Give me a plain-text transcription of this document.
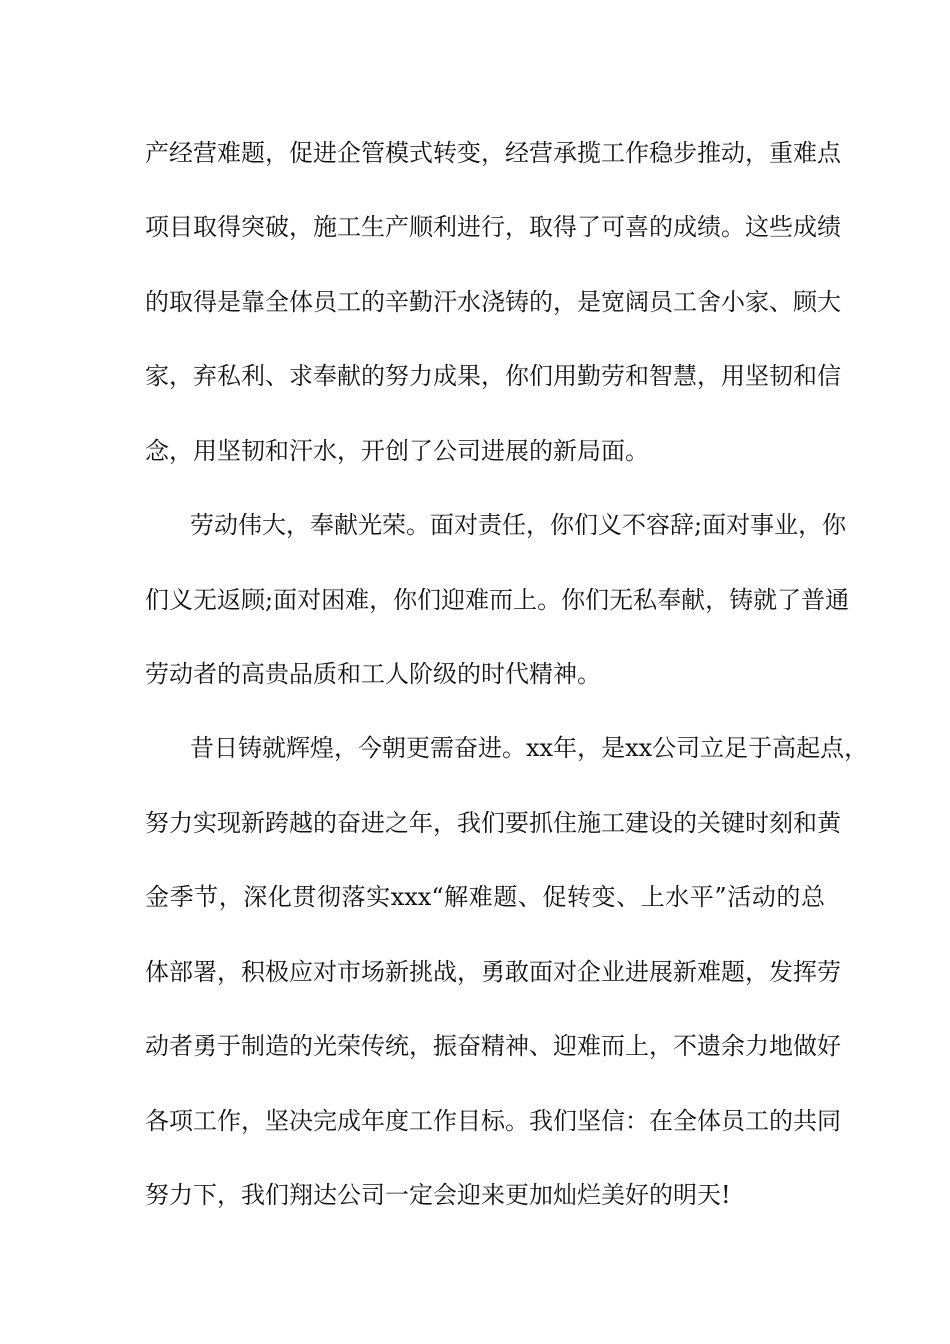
产经营难题，促进企管模式转变，经营承揽工作稳步推动，重难点
项目取得突破，施工生产顺利进行，取得了可喜的成绩。这些成绩
的取得是靠全体员工的辛勤汗水浇铸的，是宽阔员工舍小家、顾大
家，弃私利、求奉献的努力成果，你们用勤劳和智慧，用坚韧和信
念，用坚韧和汗水，开创了公司进展的新局面。
劳动伟大，奉献光荣。面对责任，你们义不容辞;面对事业，你
们义无返顾;面对困难，你们迎难而上。你们无私奉献，铸就了普通
劳动者的高贵品质和工人阶级的时代精神。
昔日铸就辉煌，今朝更需奋进。xx年，是xx公司立足于高起点，
努力实现新跨越的奋进之年，我们要抓住施工建设的关键时刻和黄
金季节，深化贯彻落实xxx“解难题、促转变、上水平”活动的总
体部署，积极应对市场新挑战，勇敢面对企业进展新难题，发挥劳
动者勇于制造的光荣传统，振奋精神、迎难而上，不遗余力地做好
各项工作，坚决完成年度工作目标。我们坚信：在全体员工的共同
努力下，我们翔达公司一定会迎来更加灿烂美好的明天!
